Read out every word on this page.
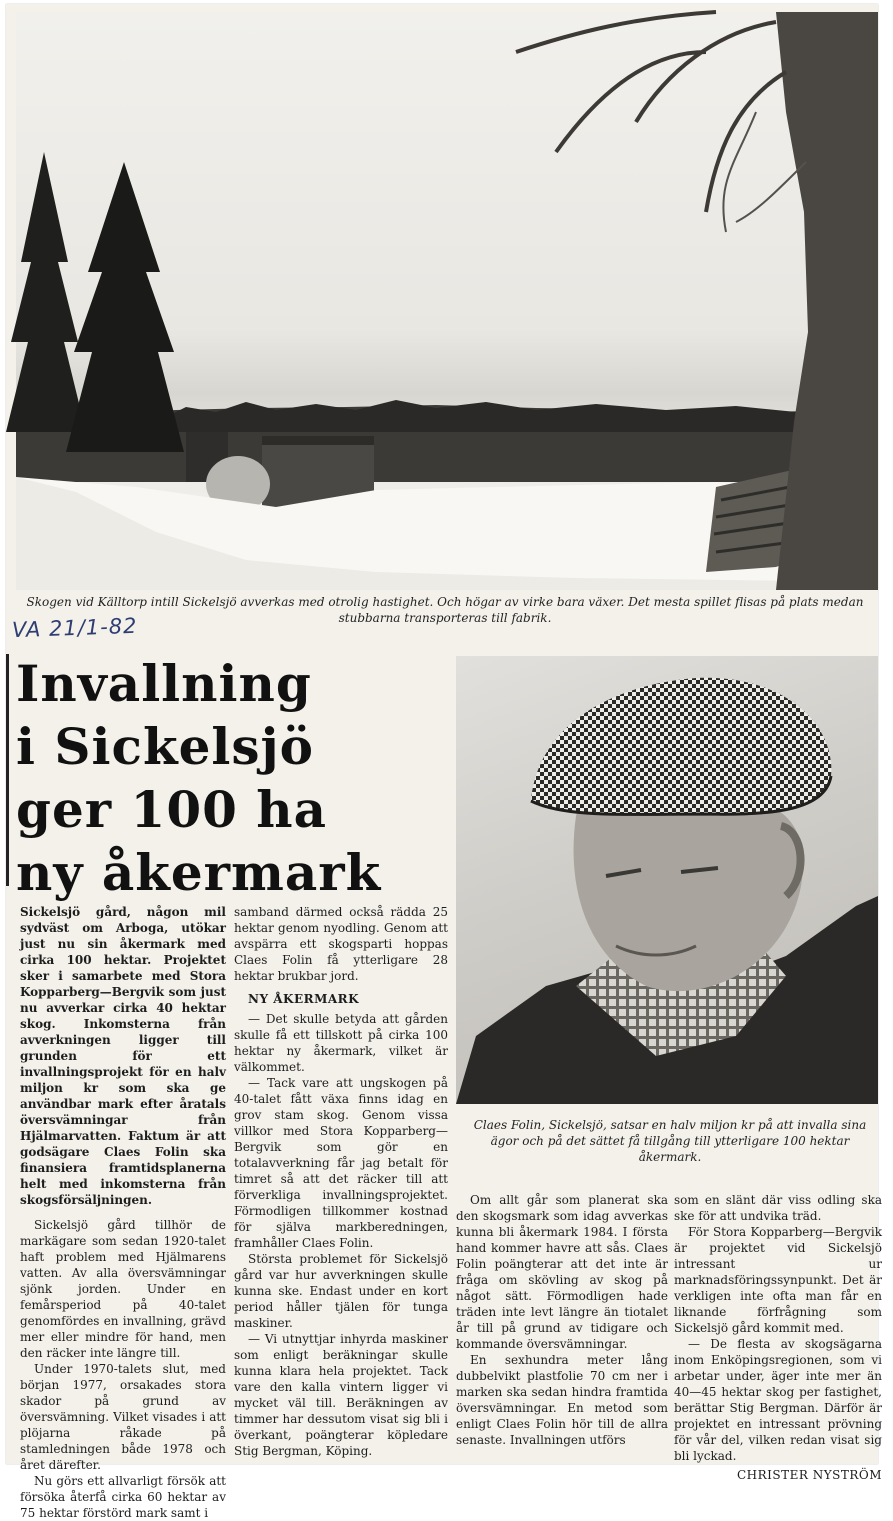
Skogen vid Källtorp intill Sickelsjö avverkas med otrolig hastighet. Och högar av virke bara växer. Det mesta spillet flisas på plats medan stubbarna transporteras till fabrik.
VA 21/1-82
Invallning
i Sickelsjö
ger 100 ha
ny åkermark
Claes Folin, Sickelsjö, satsar en halv miljon kr på att invalla sina ägor och på det sättet få tillgång till ytterligare 100 hektar åkermark.

Sickelsjö gård, någon mil sydväst om Arboga, utökar just nu sin åkermark med cirka 100 hektar. Projektet sker i samarbete med Stora Kopparberg—Bergvik som just nu avverkar cirka 40 hektar skog. Inkomsterna från avverkningen ligger till grunden för ett invallningsprojekt för en halv miljon kr som ska ge användbar mark efter åratals översvämningar från Hjälmarvatten. Faktum är att godsägare Claes Folin ska finansiera framtidsplanerna helt med inkomsterna från skogsförsäljningen.

Sickelsjö gård tillhör de markägare som sedan 1920-talet haft problem med Hjälmarens vatten. Av alla översvämningar sjönk jorden. Under en femårsperiod på 40-talet genomfördes en invallning, grävd mer eller mindre för hand, men den räcker inte längre till.

Under 1970-talets slut, med början 1977, orsakades stora skador på grund av översvämning. Vilket visades i att plöjarna råkade på stamledningen både 1978 och året därefter.

Nu görs ett allvarligt försök att försöka återfå cirka 60 hektar av 75 hektar förstörd mark samt i

samband därmed också rädda 25 hektar genom nyodling. Genom att avspärra ett skogsparti hoppas Claes Folin få ytterligare 28 hektar brukbar jord.

NY ÅKERMARK

— Det skulle betyda att gården skulle få ett tillskott på cirka 100 hektar ny åkermark, vilket är välkommet.

— Tack vare att ungskogen på 40-talet fått växa finns idag en grov stam skog. Genom vissa villkor med Stora Kopparberg—Bergvik som gör en totalavverkning får jag betalt för timret så att det räcker till att förverkliga invallningsprojektet. Förmodligen tillkommer kostnad för själva markberedningen, framhåller Claes Folin.

Största problemet för Sickelsjö gård var hur avverkningen skulle kunna ske. Endast under en kort period håller tjälen för tunga maskiner.

— Vi utnyttjar inhyrda maskiner som enligt beräkningar skulle kunna klara hela projektet. Tack vare den kalla vintern ligger vi mycket väl till. Beräkningen av timmer har dessutom visat sig bli i överkant, poängterar köpledare Stig Bergman, Köping.

Om allt går som planerat ska den skogsmark som idag avverkas kunna bli åkermark 1984. I första hand kommer havre att sås. Claes Folin poängterar att det inte är fråga om skövling av skog på något sätt. Förmodligen hade träden inte levt längre än tiotalet år till på grund av tidigare och kommande översvämningar.

En sexhundra meter lång dubbelvikt plastfolie 70 cm ner i marken ska sedan hindra framtida översvämningar. En metod som enligt Claes Folin hör till de allra senaste. Invallningen utförs

som en slänt där viss odling ska ske för att undvika träd.

För Stora Kopparberg—Bergvik är projektet vid Sickelsjö intressant ur marknadsföringssynpunkt. Det är verkligen inte ofta man får en liknande förfrågning som Sickelsjö gård kommit med.

— De flesta av skogsägarna inom Enköpingsregionen, som vi arbetar under, äger inte mer än 40—45 hektar skog per fastighet, berättar Stig Bergman. Därför är projektet en intressant prövning för vår del, vilken redan visat sig bli lyckad.

CHRISTER NYSTRÖM
